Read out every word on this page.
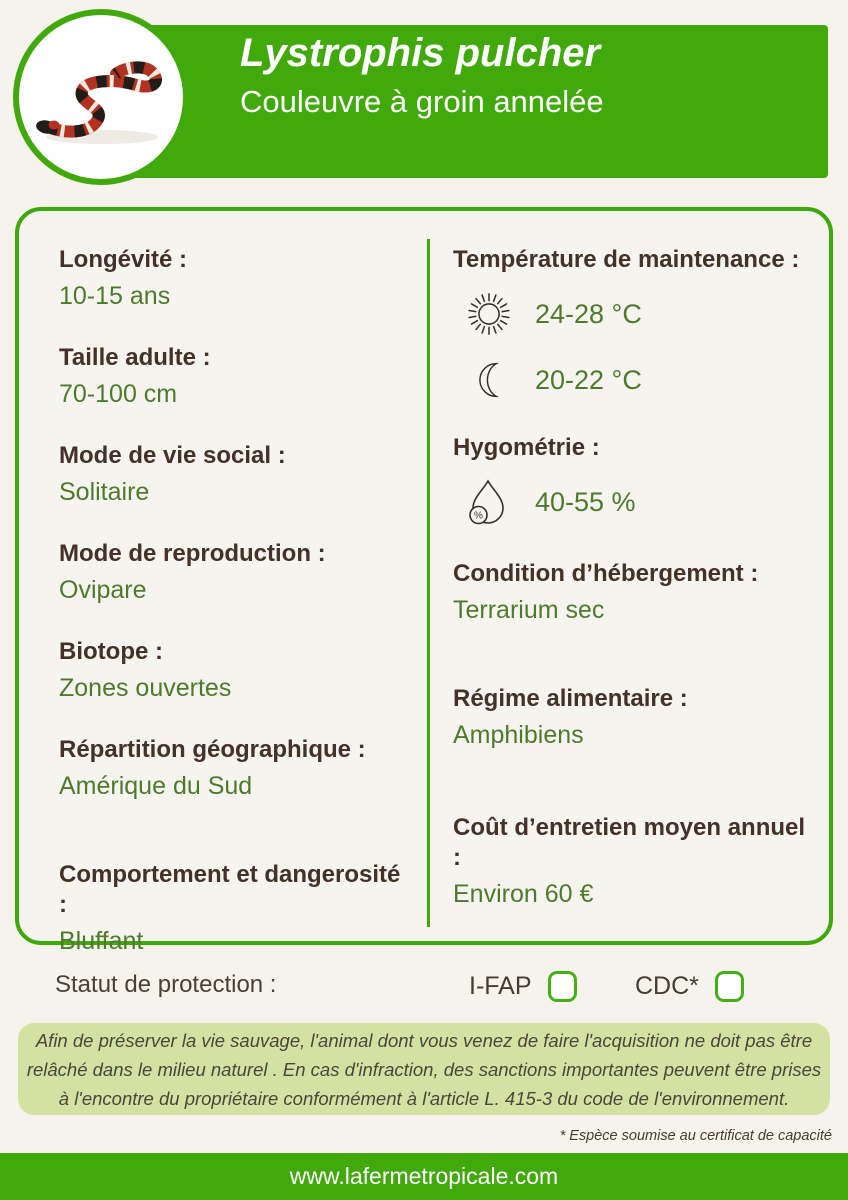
Lystrophis pulcher
Couleuvre à groin annelée
Longévité :
10-15 ans
Taille adulte :
70-100 cm
Mode de vie social :
Solitaire
Mode de reproduction :
Ovipare
Biotope :
Zones ouvertes
Répartition géographique :
Amérique du Sud
Comportement et dangerosité :
Bluffant
Température de maintenance :
24-28 °C
20-22 °C
Hygométrie :
% 40-55 %
Condition d’hébergement :
Terrarium sec
Régime alimentaire :
Amphibiens
Coût d’entretien moyen annuel :
Environ 60 €
Statut de protection :	I-FAP	CDC*
Afin de préserver la vie sauvage, l'animal dont vous venez de faire l'acquisition ne doit pas être
relâché dans le milieu naturel . En cas d'infraction, des sanctions importantes peuvent être prises
à l'encontre du propriétaire conformément à l'article L. 415-3 du code de l'environnement.
* Espèce soumise au certificat de capacité
www.lafermetropicale.com
